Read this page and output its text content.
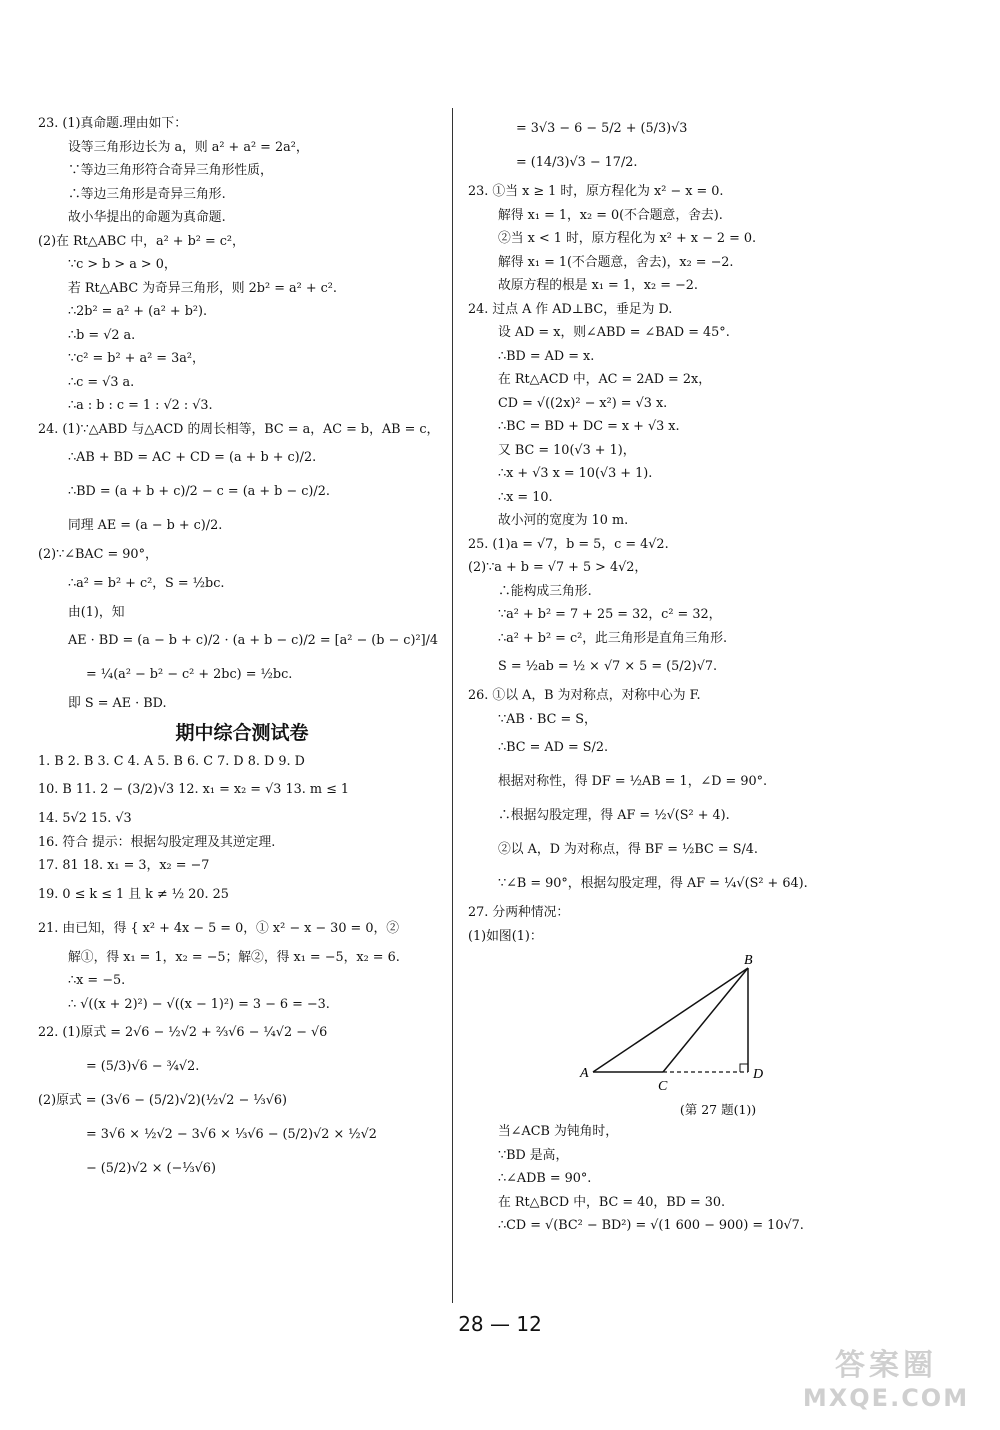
23. (1)真命题.理由如下：
设等三角形边长为 a，则 a² + a² = 2a²，
∵等边三角形符合奇异三角形性质，
∴等边三角形是奇异三角形.
故小华提出的命题为真命题.
(2)在 Rt△ABC 中，a² + b² = c²，
∵c > b > a > 0，
若 Rt△ABC 为奇异三角形，则 2b² = a² + c².
∴2b² = a² + (a² + b²).
∴b = √2 a.
∵c² = b² + a² = 3a²，
∴c = √3 a.
∴a : b : c = 1 : √2 : √3.
24. (1)∵△ABD 与△ACD 的周长相等，BC = a，AC = b，AB = c，
∴AB + BD = AC + CD = (a + b + c)/2.
∴BD = (a + b + c)/2 − c = (a + b − c)/2.
同理 AE = (a − b + c)/2.
(2)∵∠BAC = 90°，
∴a² = b² + c²，S = ½bc.
由(1)，知
AE · BD = (a − b + c)/2 · (a + b − c)/2 = [a² − (b − c)²]/4
= ¼(a² − b² − c² + 2bc) = ½bc.
即 S = AE · BD.
期中综合测试卷
1. B 2. B 3. C 4. A 5. B 6. C 7. D 8. D 9. D
10. B 11. 2 − (3/2)√3 12. x₁ = x₂ = √3 13. m ≤ 1
14. 5√2 15. √3
16. 符合 提示：根据勾股定理及其逆定理.
17. 81 18. x₁ = 3，x₂ = −7
19. 0 ≤ k ≤ 1 且 k ≠ ½ 20. 25
21. 由已知，得 { x² + 4x − 5 = 0，① x² − x − 30 = 0，②
解①，得 x₁ = 1，x₂ = −5；解②，得 x₁ = −5，x₂ = 6.
∴x = −5.
∴ √((x + 2)²) − √((x − 1)²) = 3 − 6 = −3.
22. (1)原式 = 2√6 − ½√2 + ⅔√6 − ¼√2 − √6
= (5/3)√6 − ¾√2.
(2)原式 = (3√6 − (5/2)√2)(½√2 − ⅓√6)
= 3√6 × ½√2 − 3√6 × ⅓√6 − (5/2)√2 × ½√2
− (5/2)√2 × (−⅓√6)
= 3√3 − 6 − 5/2 + (5/3)√3
= (14/3)√3 − 17/2.
23. ①当 x ≥ 1 时，原方程化为 x² − x = 0.
解得 x₁ = 1，x₂ = 0(不合题意，舍去).
②当 x < 1 时，原方程化为 x² + x − 2 = 0.
解得 x₁ = 1(不合题意，舍去)，x₂ = −2.
故原方程的根是 x₁ = 1，x₂ = −2.
24. 过点 A 作 AD⊥BC，垂足为 D.
设 AD = x，则∠ABD = ∠BAD = 45°.
∴BD = AD = x.
在 Rt△ACD 中，AC = 2AD = 2x，
CD = √((2x)² − x²) = √3 x.
∴BC = BD + DC = x + √3 x.
又 BC = 10(√3 + 1)，
∴x + √3 x = 10(√3 + 1).
∴x = 10.
故小河的宽度为 10 m.
25. (1)a = √7，b = 5，c = 4√2.
(2)∵a + b = √7 + 5 > 4√2，
∴能构成三角形.
∵a² + b² = 7 + 25 = 32，c² = 32，
∴a² + b² = c²，此三角形是直角三角形.
S = ½ab = ½ × √7 × 5 = (5/2)√7.
26. ①以 A，B 为对称点，对称中心为 F.
∵AB · BC = S，
∴BC = AD = S/2.
根据对称性，得 DF = ½AB = 1，∠D = 90°.
∴根据勾股定理，得 AF = ½√(S² + 4).
②以 A，D 为对称点，得 BF = ½BC = S/4.
∵∠B = 90°，根据勾股定理，得 AF = ¼√(S² + 64).
27. 分两种情况：
(1)如图(1)：
B
A
C
D
(第 27 题(1))
当∠ACB 为钝角时，
∵BD 是高，
∴∠ADB = 90°.
在 Rt△BCD 中，BC = 40，BD = 30.
∴CD = √(BC² − BD²) = √(1 600 − 900) = 10√7.
28 — 12
答案圈
MXQE.COM
